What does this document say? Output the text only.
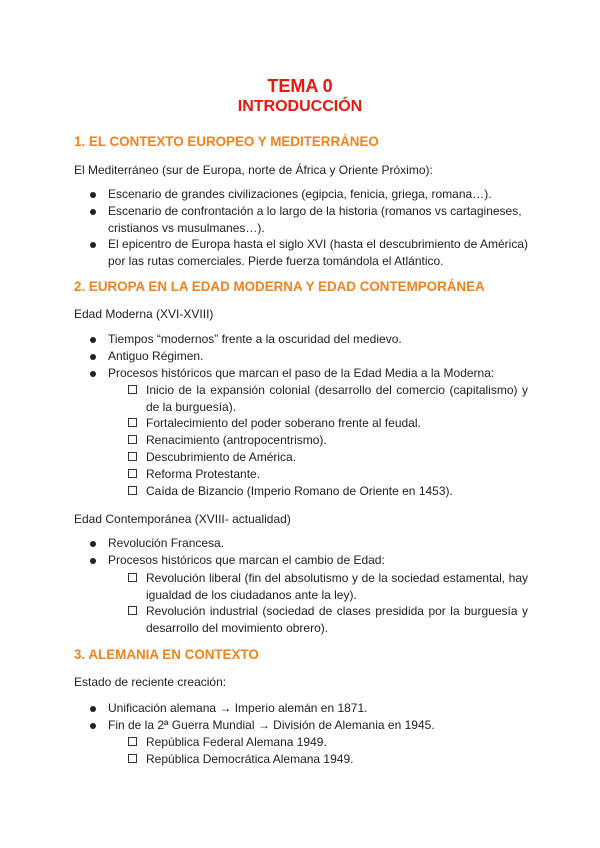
TEMA 0
INTRODUCCIÓN
1. EL CONTEXTO EUROPEO Y MEDITERRÁNEO
El Mediterráneo (sur de Europa, norte de África y Oriente Próximo):
Escenario de grandes civilizaciones (egipcia, fenicia, griega, romana…).
Escenario de confrontación a lo largo de la historia (romanos vs cartagineses, cristianos vs musulmanes…).
El epicentro de Europa hasta el siglo XVI (hasta el descubrimiento de América) por las rutas comerciales. Pierde fuerza tomándola el Atlántico.
2. EUROPA EN LA EDAD MODERNA Y EDAD CONTEMPORÁNEA
Edad Moderna (XVI-XVIII)
Tiempos “modernos” frente a la oscuridad del medievo.
Antiguo Régimen.
Procesos históricos que marcan el paso de la Edad Media a la Moderna:
Inicio de la expansión colonial (desarrollo del comercio (capitalismo) y de la burguesía).
Fortalecimiento del poder soberano frente al feudal.
Renacimiento (antropocentrismo).
Descubrimiento de América.
Reforma Protestante.
Caída de Bizancio (Imperio Romano de Oriente en 1453).
Edad Contemporánea (XVIII- actualidad)
Revolución Francesa.
Procesos históricos que marcan el cambio de Edad:
Revolución liberal (fin del absolutismo y de la sociedad estamental, hay igualdad de los ciudadanos ante la ley).
Revolución industrial (sociedad de clases presidida por la burguesía y desarrollo del movimiento obrero).
3. ALEMANIA EN CONTEXTO
Estado de reciente creación:
Unificación alemana → Imperio alemán en 1871.
Fin de la 2ª Guerra Mundial → División de Alemania en 1945.
República Federal Alemana 1949.
República Democrática Alemana 1949.
